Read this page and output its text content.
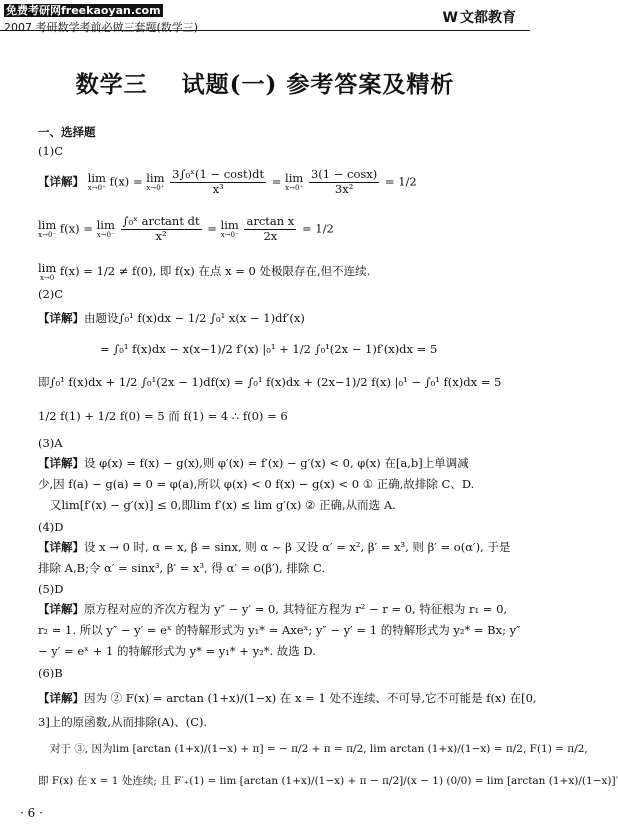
免费考研网freekaoyan.com
2007 考研数学考前必做三套题(数学三)
W 文都教育
数学三 试题(一) 参考答案及精析
一、选择题
(1)C
【详解】 lim
x→0⁺ f(x) = lim
x→0⁺
$\frac{\text{3∫₀ˣ(1 − cost)dt}}{\text{x³}} = \lim$
x→0⁺
$\frac{3(1 - \cos x)}{\text{3x²}} = 1/2$
lim
x→0⁻ f(x) = lim
x→0⁻
$\frac{\text{∫₀ˣ arctant dt}}{\text{x²}} = \lim$
x→0⁻
$\frac{\text{arctan x}}{2x} = 1/2$
lim
x→0 f(x) = 1/2 ≠ f(0), 即 f(x) 在点 x = 0 处极限存在,但不连续.
(2)C
【详解】由题设∫₀¹ f(x)dx − 1/2 ∫₀¹ x(x − 1)df′(x)
= ∫₀¹ f(x)dx − x(x−1)/2 f′(x) |₀¹ + 1/2 ∫₀¹(2x − 1)f′(x)dx = 5
即∫₀¹ f(x)dx + 1/2 ∫₀¹(2x − 1)df(x) = ∫₀¹ f(x)dx + (2x−1)/2 f(x) |₀¹ − ∫₀¹ f(x)dx = 5
1/2 f(1) + 1/2 f(0) = 5 而 f(1) = 4 ∴ f(0) = 6
(3)A
【详解】设 φ(x) = f(x) − g(x),则 φ′(x) = f′(x) − g′(x) < 0, φ(x) 在[a,b]上单调减
少,因 f(a) − g(a) = 0 = φ(a),所以 φ(x) < 0 f(x) − g(x) < 0 ① 正确,故排除 C、D.
又lim[f′(x) − g′(x)] ≤ 0,即lim f′(x) ≤ lim g′(x) ② 正确,从而选 A.
(4)D
【详解】设 x → 0 时, α = x, β = sinx, 则 α ~ β 又设 α′ = x², β′ = x³, 则 β′ = o(α′), 于是
排除 A,B;令 α′ = sinx³, β′ = x³, 得 α′ = o(β′), 排除 C.
(5)D
【详解】原方程对应的齐次方程为 y″ − y′ = 0, 其特征方程为 r² − r = 0, 特征根为 r₁ = 0,
r₂ = 1. 所以 y″ − y′ = eˣ 的特解形式为 y₁* = Axeˣ; y″ − y′ = 1 的特解形式为 y₂* = Bx; y″
− y′ = eˣ + 1 的特解形式为 y* = y₁* + y₂*. 故选 D.
(6)B
【详解】因为 ② F(x) = arctan (1+x)/(1−x) 在 x = 1 处不连续、不可导,它不可能是 f(x) 在[0,
3]上的原函数,从而排除(A)、(C).
对于 ③, 因为lim [arctan (1+x)/(1−x) + π] = − π/2 + π = π/2, lim arctan (1+x)/(1−x) = π/2, F(1) = π/2,
即 F(x) 在 x = 1 处连续; 且 F′₊(1) = lim [arctan (1+x)/(1−x) + π − π/2]/(x − 1) (0/0) = lim [arctan (1+x)/(1−x)]′
· 6 ·
